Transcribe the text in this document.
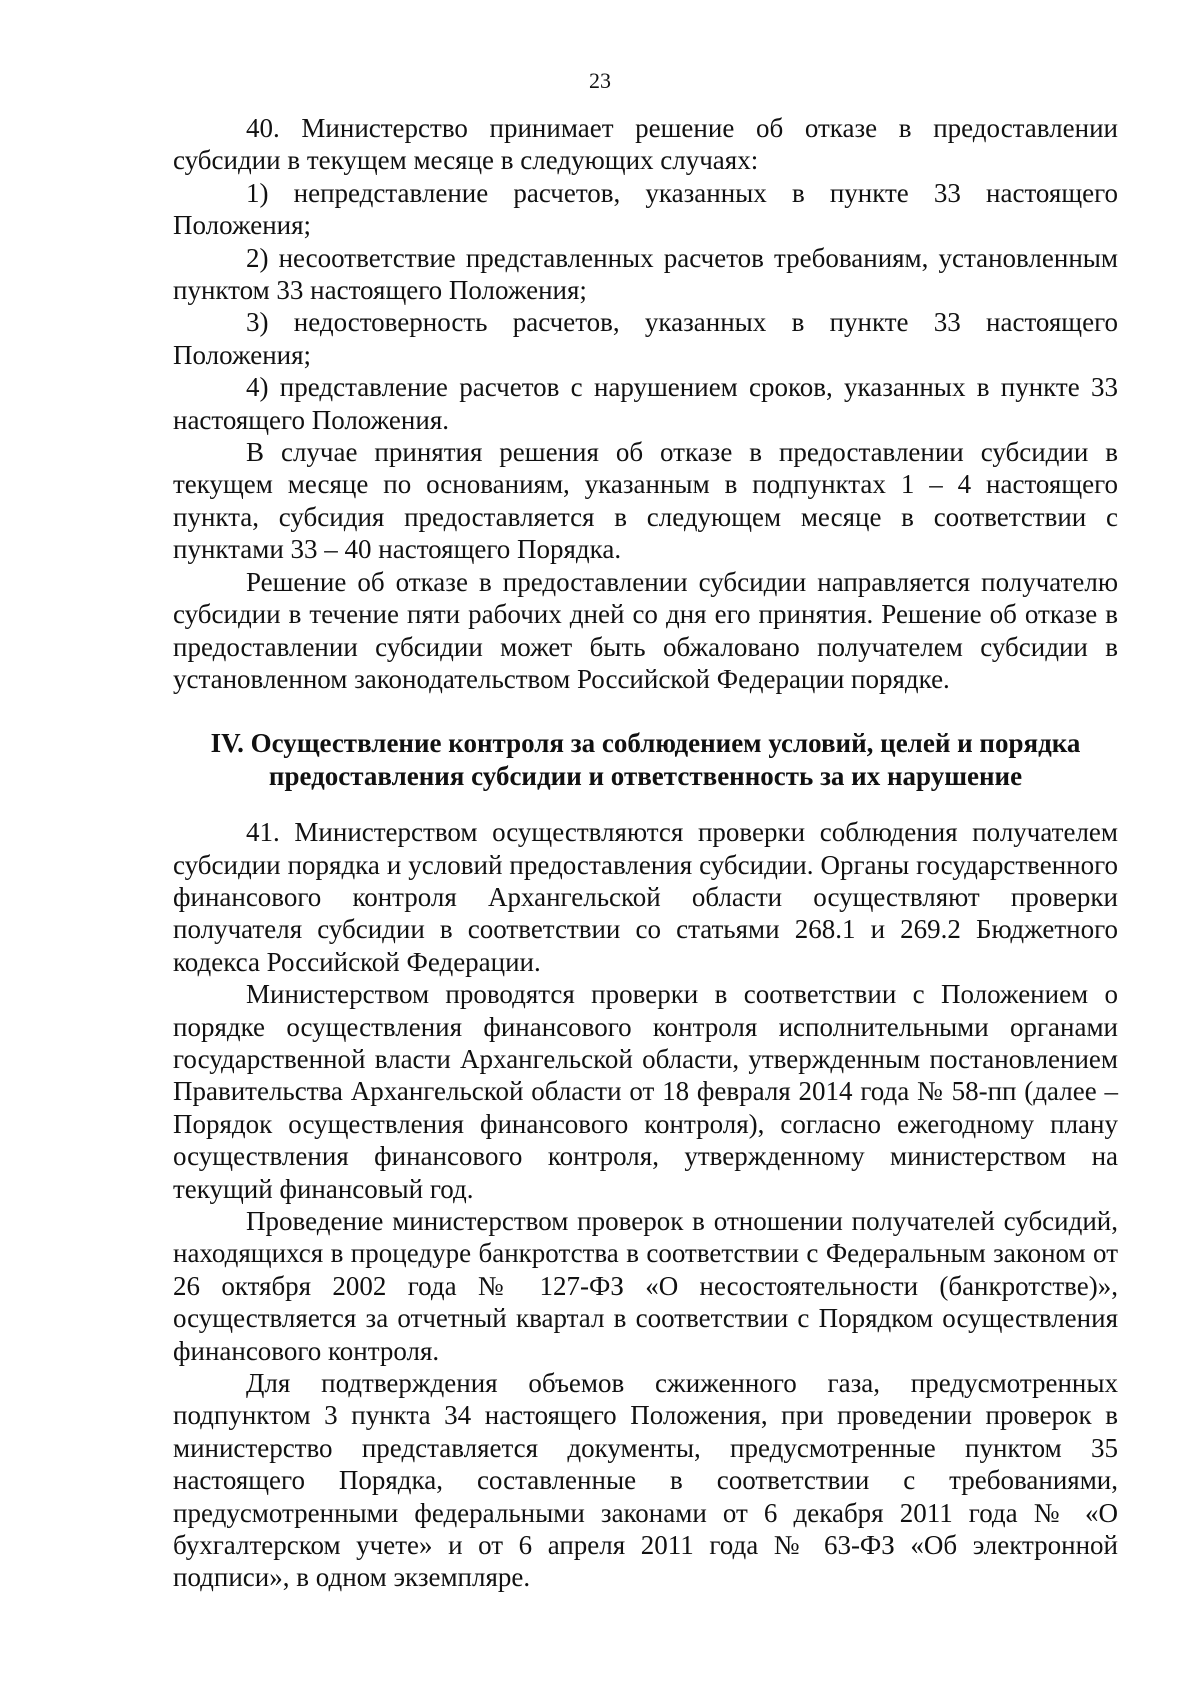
23

40. Министерство принимает решение об отказе в предоставлении субсидии в текущем месяце в следующих случаях:

1) непредставление расчетов, указанных в пункте 33 настоящего Положения;

2) несоответствие представленных расчетов требованиям, установленным пунктом 33 настоящего Положения;

3) недостоверность расчетов, указанных в пункте 33 настоящего Положения;

4) представление расчетов с нарушением сроков, указанных в пункте 33 настоящего Положения.

В случае принятия решения об отказе в предоставлении субсидии в текущем месяце по основаниям, указанным в подпунктах 1 – 4 настоящего пункта, субсидия предоставляется в следующем месяце в соответствии с пунктами 33 – 40 настоящего Порядка.

Решение об отказе в предоставлении субсидии направляется получателю субсидии в течение пяти рабочих дней со дня его принятия. Решение об отказе в предоставлении субсидии может быть обжаловано получателем субсидии в установленном законодательством Российской Федерации порядке.

IV. Осуществление контроля за соблюдением условий, целей и порядка
предоставления субсидии и ответственность за их нарушение

41. Министерством осуществляются проверки соблюдения получателем субсидии порядка и условий предоставления субсидии. Органы государственного финансового контроля Архангельской области осуществляют проверки получателя субсидии в соответствии со статьями 268.1 и 269.2 Бюджетного кодекса Российской Федерации.

Министерством проводятся проверки в соответствии с Положением о порядке осуществления финансового контроля исполнительными органами государственной власти Архангельской области, утвержденным постановлением Правительства Архангельской области от 18 февраля 2014 года № 58-пп (далее – Порядок осуществления финансового контроля), согласно ежегодному плану осуществления финансового контроля, утвержденному министерством на текущий финансовый год.

Проведение министерством проверок в отношении получателей субсидий, находящихся в процедуре банкротства в соответствии с Федеральным законом от 26 октября 2002 года № 127-ФЗ «О несостоятельности (банкротстве)», осуществляется за отчетный квартал в соответствии с Порядком осуществления финансового контроля.

Для подтверждения объемов сжиженного газа, предусмотренных подпунктом 3 пункта 34 настоящего Положения, при проведении проверок в министерство представляется документы, предусмотренные пунктом 35 настоящего Порядка, составленные в соответствии с требованиями, предусмотренными федеральными законами от 6 декабря 2011 года № «О бухгалтерском учете» и от 6 апреля 2011 года № 63-ФЗ «Об электронной подписи», в одном экземпляре.
